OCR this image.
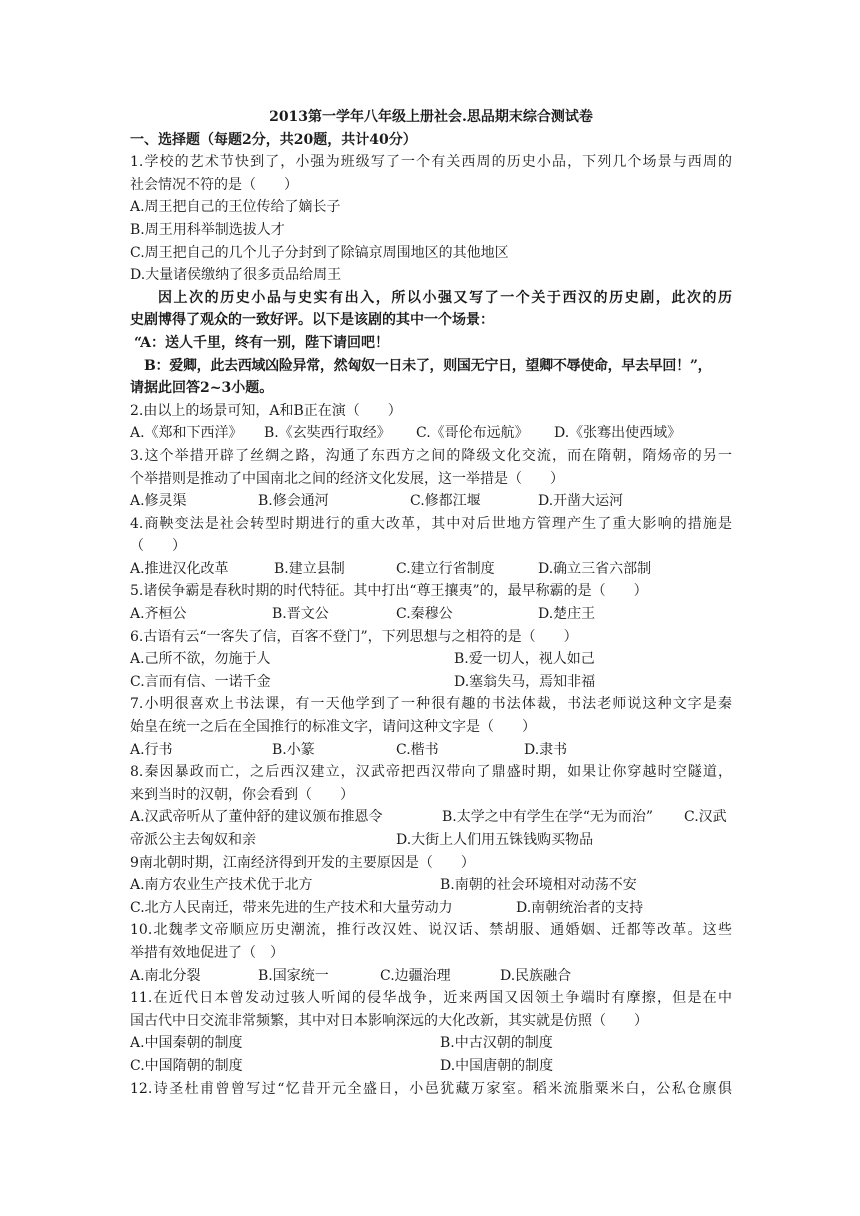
2013第一学年八年级上册社会.思品期末综合测试卷
一、选择题（每题2分，共20题，共计40分）
1.学校的艺术节快到了，小强为班级写了一个有关西周的历史小品，下列几个场景与西周的
社会情况不符的是（　　）
A.周王把自己的王位传给了嫡长子
B.周王用科举制选拔人才
C.周王把自己的几个儿子分封到了除镐京周围地区的其他地区
D.大量诸侯缴纳了很多贡品给周王
因上次的历史小品与史实有出入，所以小强又写了一个关于西汉的历史剧，此次的历
史剧博得了观众的一致好评。以下是该剧的其中一个场景：
“A：送人千里，终有一别，陛下请回吧！
B：爱卿，此去西域凶险异常，然匈奴一日未了，则国无宁日，望卿不辱使命，早去早回！”，
请据此回答2~3小题。
2.由以上的场景可知，A和B正在演（　　）
A.《郑和下西洋》 B.《玄奘西行取经》 C.《哥伦布远航》 D.《张骞出使西域》
3.这个举措开辟了丝绸之路，沟通了东西方之间的降级文化交流，而在隋朝，隋炀帝的另一
个举措则是推动了中国南北之间的经济文化发展，这一举措是（　　）
A.修灵渠	B.修会通河	C.修都江堰	D.开凿大运河
4.商鞅变法是社会转型时期进行的重大改革，其中对后世地方管理产生了重大影响的措施是
（　　）
A.推进汉化改革	B.建立县制	C.建立行省制度	D.确立三省六部制
5.诸侯争霸是春秋时期的时代特征。其中打出“尊王攘夷”的，最早称霸的是（　　）
A.齐桓公	B.晋文公	C.秦穆公	D.楚庄王
6.古语有云“一客失了信，百客不登门”，下列思想与之相符的是（　　）
A.己所不欲，勿施于人	B.爱一切人，视人如己
C.言而有信、一诺千金	D.塞翁失马，焉知非福
7.小明很喜欢上书法课，有一天他学到了一种很有趣的书法体裁，书法老师说这种文字是秦
始皇在统一之后在全国推行的标准文字，请问这种文字是（　　）
A.行书	B.小篆	C.楷书	D.隶书
8.秦因暴政而亡，之后西汉建立，汉武帝把西汉带向了鼎盛时期，如果让你穿越时空隧道，
来到当时的汉朝，你会看到（　　）
A.汉武帝听从了董仲舒的建议颁布推恩令	B.太学之中有学生在学“无为而治” C.汉武
帝派公主去匈奴和亲	D.大街上人们用五铢钱购买物品
9南北朝时期，江南经济得到开发的主要原因是（　　）
A.南方农业生产技术优于北方	B.南朝的社会环境相对动荡不安
C.北方人民南迁，带来先进的生产技术和大量劳动力	D.南朝统治者的支持
10.北魏孝文帝顺应历史潮流，推行改汉姓、说汉话、禁胡服、通婚姻、迁都等改革。这些
举措有效地促进了（　）
A.南北分裂	B.国家统一	C.边疆治理	D.民族融合
11.在近代日本曾发动过骇人听闻的侵华战争，近来两国又因领土争端时有摩擦，但是在中
国古代中日交流非常频繁，其中对日本影响深远的大化改新，其实就是仿照（　　）
A.中国秦朝的制度	B.中古汉朝的制度
C.中国隋朝的制度	D.中国唐朝的制度
12.诗圣杜甫曾曾写过“忆昔开元全盛日，小邑犹藏万家室。稻米流脂粟米白，公私仓廪俱
